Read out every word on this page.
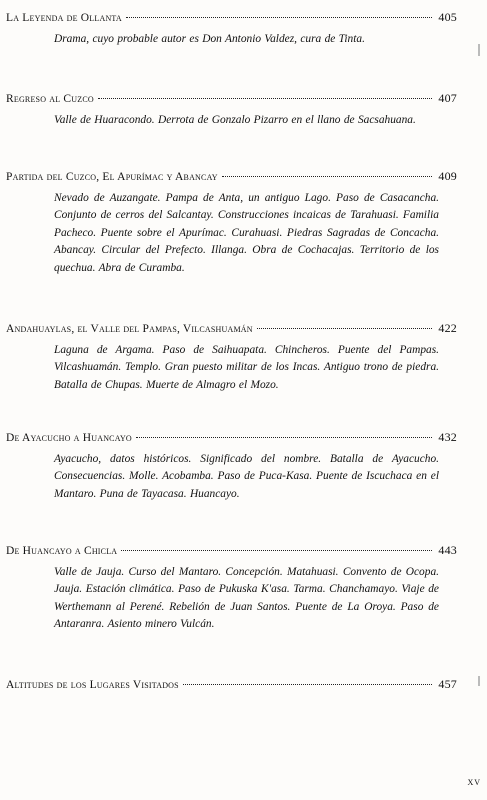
La Leyenda de Ollanta	405
Drama, cuyo probable autor es Don Antonio Valdez, cura de Tinta.
Regreso al Cuzco	407
Valle de Huaracondo. Derrota de Gonzalo Pizarro en el llano de Sacsahuana.
Partida del Cuzco, El Apurímac y Abancay	409
Nevado de Auzangate. Pampa de Anta, un antiguo Lago. Paso de Casacancha. Conjunto de cerros del Salcantay. Construcciones incaicas de Tarahuasi. Familia Pacheco. Puente sobre el Apurímac. Curahuasi. Piedras Sagradas de Concacha. Abancay. Circular del Prefecto. Illanga. Obra de Cochacajas. Territorio de los quechua. Abra de Curamba.
Andahuaylas, el Valle del Pampas, Vilcashuamán	422
Laguna de Argama. Paso de Saihuapata. Chincheros. Puente del Pampas. Vilcashuamán. Templo. Gran puesto militar de los Incas. Antiguo trono de piedra. Batalla de Chupas. Muerte de Almagro el Mozo.
De Ayacucho a Huancayo	432
Ayacucho, datos históricos. Significado del nombre. Batalla de Ayacucho. Consecuencias. Molle. Acobamba. Paso de Puca-Kasa. Puente de Iscuchaca en el Mantaro. Puna de Tayacasa. Huancayo.
De Huancayo a Chicla	443
Valle de Jauja. Curso del Mantaro. Concepción. Matahuasi. Convento de Ocopa. Jauja. Estación climática. Paso de Pukuska K'asa. Tarma. Chanchamayo. Viaje de Werthemann al Perené. Rebelión de Juan Santos. Puente de La Oroya. Paso de Antaranra. Asiento minero Vulcán.
Altitudes de los Lugares Visitados	457
xv
